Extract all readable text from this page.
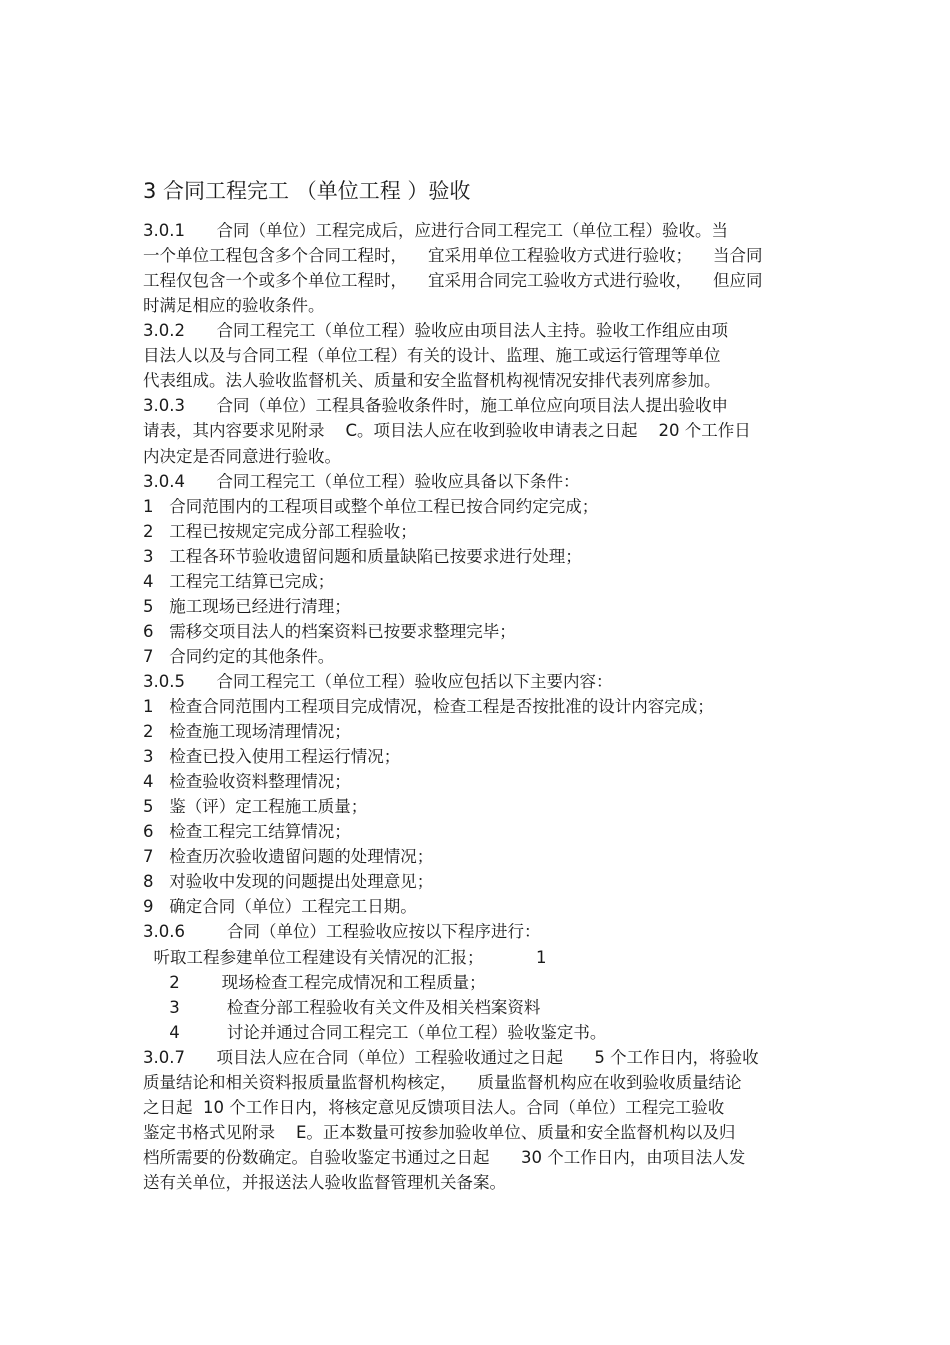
3 合同工程完工 （单位工程 ）验收
3.0.1      合同（单位）工程完成后，应进行合同工程完工（单位工程）验收。当
一个单位工程包含多个合同工程时，    宜采用单位工程验收方式进行验收；    当合同
工程仅包含一个或多个单位工程时，    宜采用合同完工验收方式进行验收，    但应同
时满足相应的验收条件。
3.0.2      合同工程完工（单位工程）验收应由项目法人主持。验收工作组应由项
目法人以及与合同工程（单位工程）有关的设计、监理、施工或运行管理等单位
代表组成。法人验收监督机关、质量和安全监督机构视情况安排代表列席参加。
3.0.3      合同（单位）工程具备验收条件时，施工单位应向项目法人提出验收申
请表，其内容要求见附录    C。项目法人应在收到验收申请表之日起    20 个工作日
内决定是否同意进行验收。
3.0.4      合同工程完工（单位工程）验收应具备以下条件：
1   合同范围内的工程项目或整个单位工程已按合同约定完成；
2   工程已按规定完成分部工程验收；
3   工程各环节验收遗留问题和质量缺陷已按要求进行处理；
4   工程完工结算已完成；
5   施工现场已经进行清理；
6   需移交项目法人的档案资料已按要求整理完毕；
7   合同约定的其他条件。
3.0.5      合同工程完工（单位工程）验收应包括以下主要内容：
1   检查合同范围内工程项目完成情况，检查工程是否按批准的设计内容完成；
2   检查施工现场清理情况；
3   检查已投入使用工程运行情况；
4   检查验收资料整理情况；
5   鉴（评）定工程施工质量；
6   检查工程完工结算情况；
7   检查历次验收遗留问题的处理情况；
8   对验收中发现的问题提出处理意见；
9   确定合同（单位）工程完工日期。
3.0.6        合同（单位）工程验收应按以下程序进行：
听取工程参建单位工程建设有关情况的汇报；          1
2        现场检查工程完成情况和工程质量；
3         检查分部工程验收有关文件及相关档案资料
4         讨论并通过合同工程完工（单位工程）验收鉴定书。
3.0.7      项目法人应在合同（单位）工程验收通过之日起      5 个工作日内，将验收
质量结论和相关资料报质量监督机构核定，    质量监督机构应在收到验收质量结论
之日起  10 个工作日内，将核定意见反馈项目法人。合同（单位）工程完工验收
鉴定书格式见附录    E。正本数量可按参加验收单位、质量和安全监督机构以及归
档所需要的份数确定。自验收鉴定书通过之日起      30 个工作日内，由项目法人发
送有关单位，并报送法人验收监督管理机关备案。
